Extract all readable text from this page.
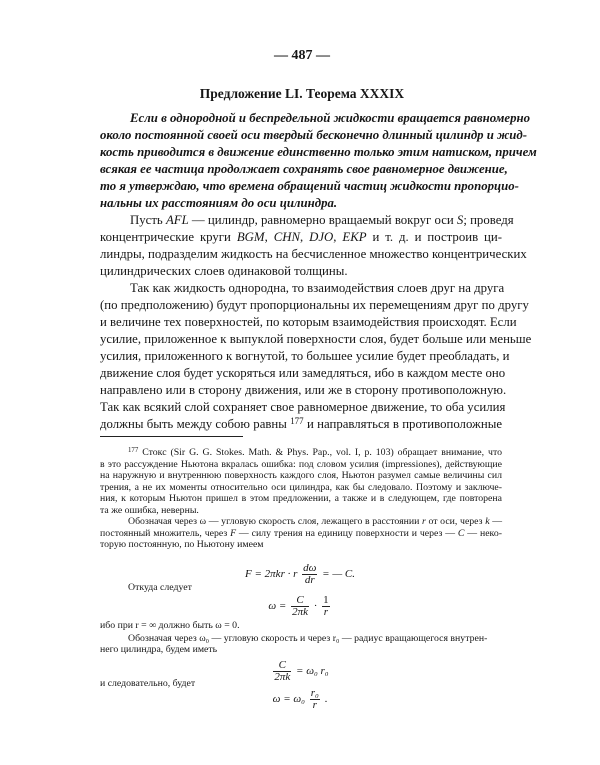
— 487 —
Предложение LI. Теорема XXXIX
Если в однородной и беспредельной жидкости вращается равномерно
около постоянной своей оси твердый бесконечно длинный цилиндр и жид-
кость приводится в движение единственно только этим натиском, причем
всякая ее частица продолжает сохранять свое равномерное движение,
то я утверждаю, что времена обращений частиц жидкости пропорцио-
нальны их расстояниям до оси цилиндра.
Пусть AFL — цилиндр, равномерно вращаемый вокруг оси S; проведя
концентрические круги BGM, CHN, DJO, EKP и т. д. и построив ци-
линдры, подразделим жидкость на бесчисленное множество концентрических
цилиндрических слоев одинаковой толщины.
Так как жидкость однородна, то взаимодействия слоев друг на друга
(по предположению) будут пропорциональны их перемещениям друг по другу
и величине тех поверхностей, по которым взаимодействия происходят. Если
усилие, приложенное к выпуклой поверхности слоя, будет больше или меньше
усилия, приложенного к вогнутой, то большее усилие будет преобладать, и
движение слоя будет ускоряться или замедляться, ибо в каждом месте оно
направлено или в сторону движения, или же в сторону противоположную.
Так как всякий слой сохраняет свое равномерное движение, то оба усилия
должны быть между собою равны $^{177}$ и направляться в противоположные
$^{177}$ Стокс (Sir G. G. Stokes. Math. & Phys. Pap., vol. I, p. 103) обращает внимание, что
в это рассуждение Ньютона вкралась ошибка: под словом усилия (impressiones), действующие
на наружную и внутреннюю поверхность каждого слоя, Ньютон разумел самые величины сил
трения, а не их моменты относительно оси цилиндра, как бы следовало. Поэтому и заключе-
ния, к которым Ньютон пришел в этом предложении, а также и в следующем, где повторена
та же ошибка, неверны.
Обозначая через ω — угловую скорость слоя, лежащего в расстоянии r от оси, через k —
постоянный множитель, через F — силу трения на единицу поверхности и через — C — неко-
торую постоянную, по Ньютону имеем
F = 2πkr · r $\frac{d\omega}{dr}$ = — C.
Откуда следует
$\omega = \frac{C}{2\pi k} \cdot \frac{1}{r}$
ибо при r = ∞ должно быть ω = 0.
Обозначая через ω₀ — угловую скорость и через r₀ — радиус вращающегося внутрен-
него цилиндра, будем иметь
$\frac{C}{2\pi k} = \omega_0$ r₀
и следовательно, будет
$\omega = \omega_0 \frac{\text{r₀}}{r}$ .
